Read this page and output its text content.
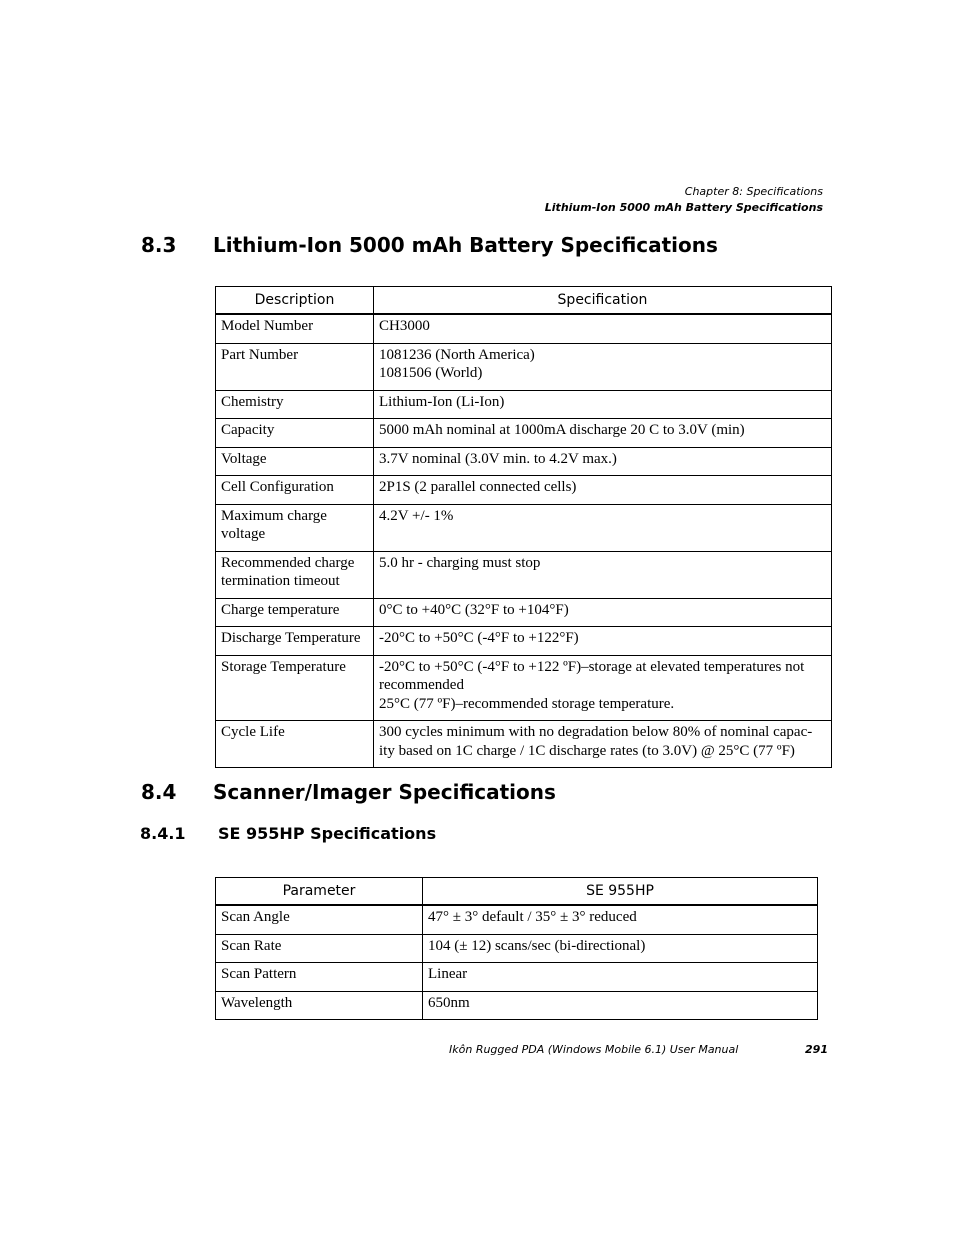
Chapter 8: Specifications
Lithium-Ion 5000 mAh Battery Specifications
8.3 Lithium-Ion 5000 mAh Battery Specifications
Description	Specification
Model Number	CH3000
Part Number	1081236 (North America)
1081506 (World)
Chemistry	Lithium-Ion (Li-Ion)
Capacity	5000 mAh nominal at 1000mA discharge 20 C to 3.0V (min)
Voltage	3.7V nominal (3.0V min. to 4.2V max.)
Cell Configuration	2P1S (2 parallel connected cells)
Maximum charge voltage	4.2V +/- 1%
Recommended charge termination timeout	5.0 hr - charging must stop
Charge temperature	0°C to +40°C (32°F to +104°F)
Discharge Temperature	-20°C to +50°C (-4°F to +122°F)
Storage Temperature	-20°C to +50°C (-4°F to +122 ºF)–storage at elevated temperatures not recommended
25°C (77 ºF)–recommended storage temperature.
Cycle Life	300 cycles minimum with no degradation below 80% of nominal capac-
ity based on 1C charge / 1C discharge rates (to 3.0V) @ 25°C (77 ºF)
8.4 Scanner/Imager Specifications
8.4.1 SE 955HP Specifications
Parameter	SE 955HP
Scan Angle	47° ± 3° default / 35° ± 3° reduced
Scan Rate	104 (± 12) scans/sec (bi-directional)
Scan Pattern	Linear
Wavelength	650nm
Ikôn Rugged PDA (Windows Mobile 6.1) User Manual	291
